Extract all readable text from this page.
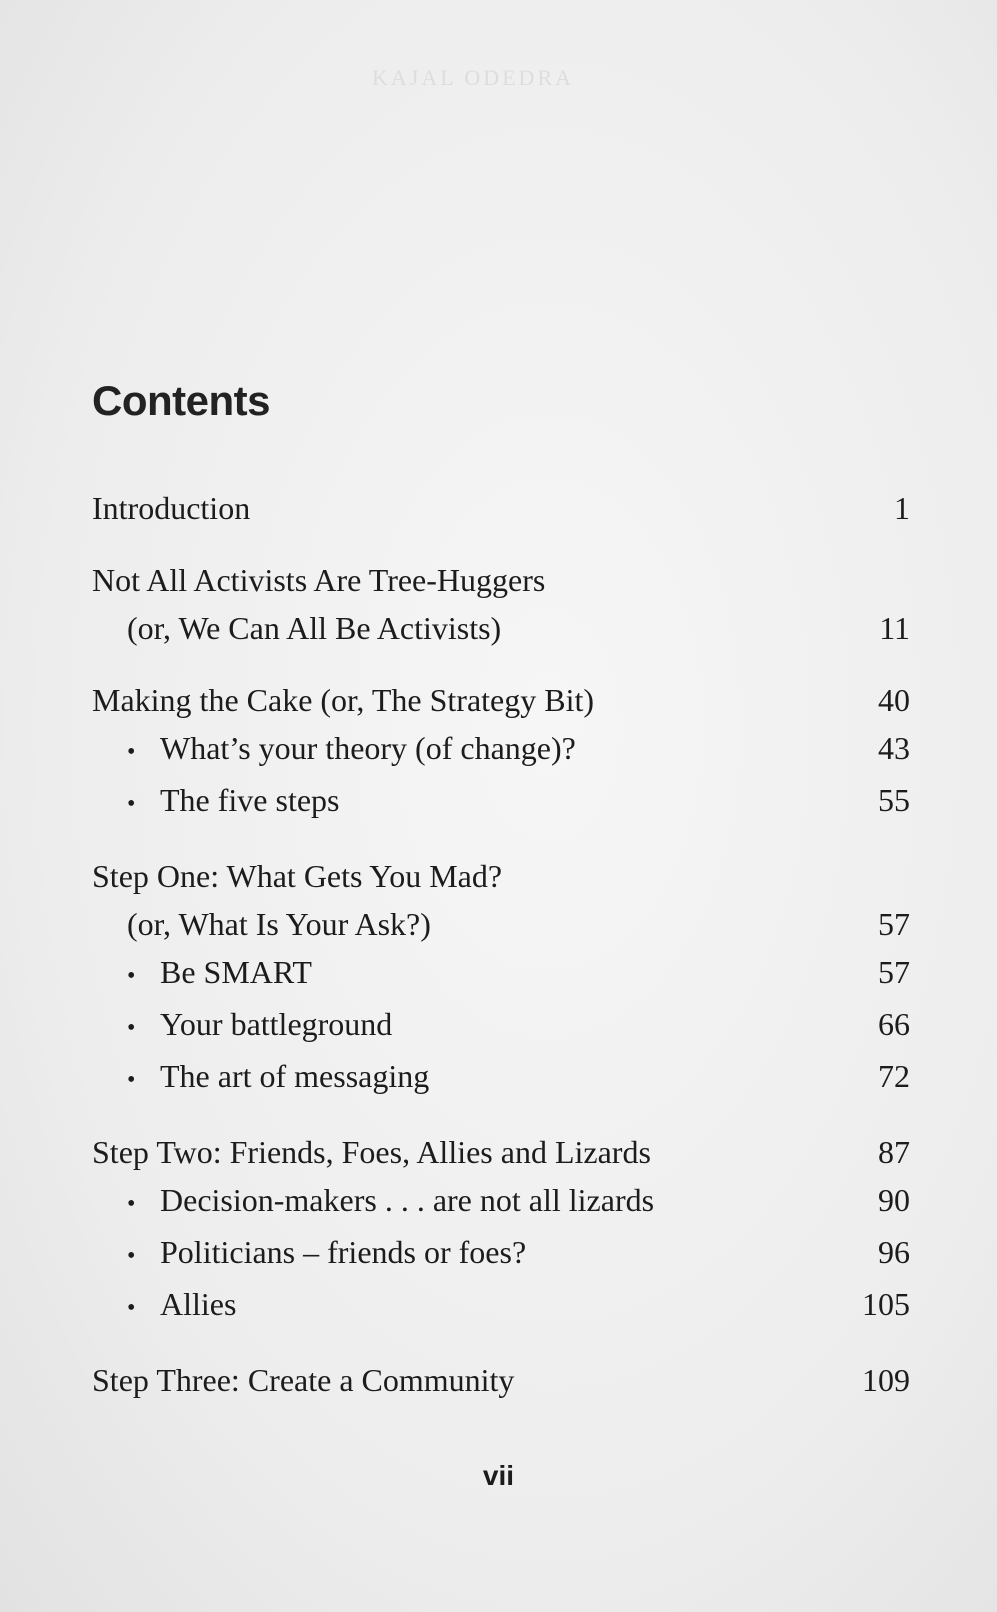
KAJAL ODEDRA
Contents
Introduction	1
Not All Activists Are Tree-Huggers
(or, We Can All Be Activists)	11
Making the Cake (or, The Strategy Bit)	40
• What’s your theory (of change)?	43
• The five steps	55
Step One: What Gets You Mad?
(or, What Is Your Ask?)	57
• Be SMART	57
• Your battleground	66
• The art of messaging	72
Step Two: Friends, Foes, Allies and Lizards	87
• Decision-makers . . . are not all lizards	90
• Politicians – friends or foes?	96
• Allies	105
Step Three: Create a Community	109
vii
